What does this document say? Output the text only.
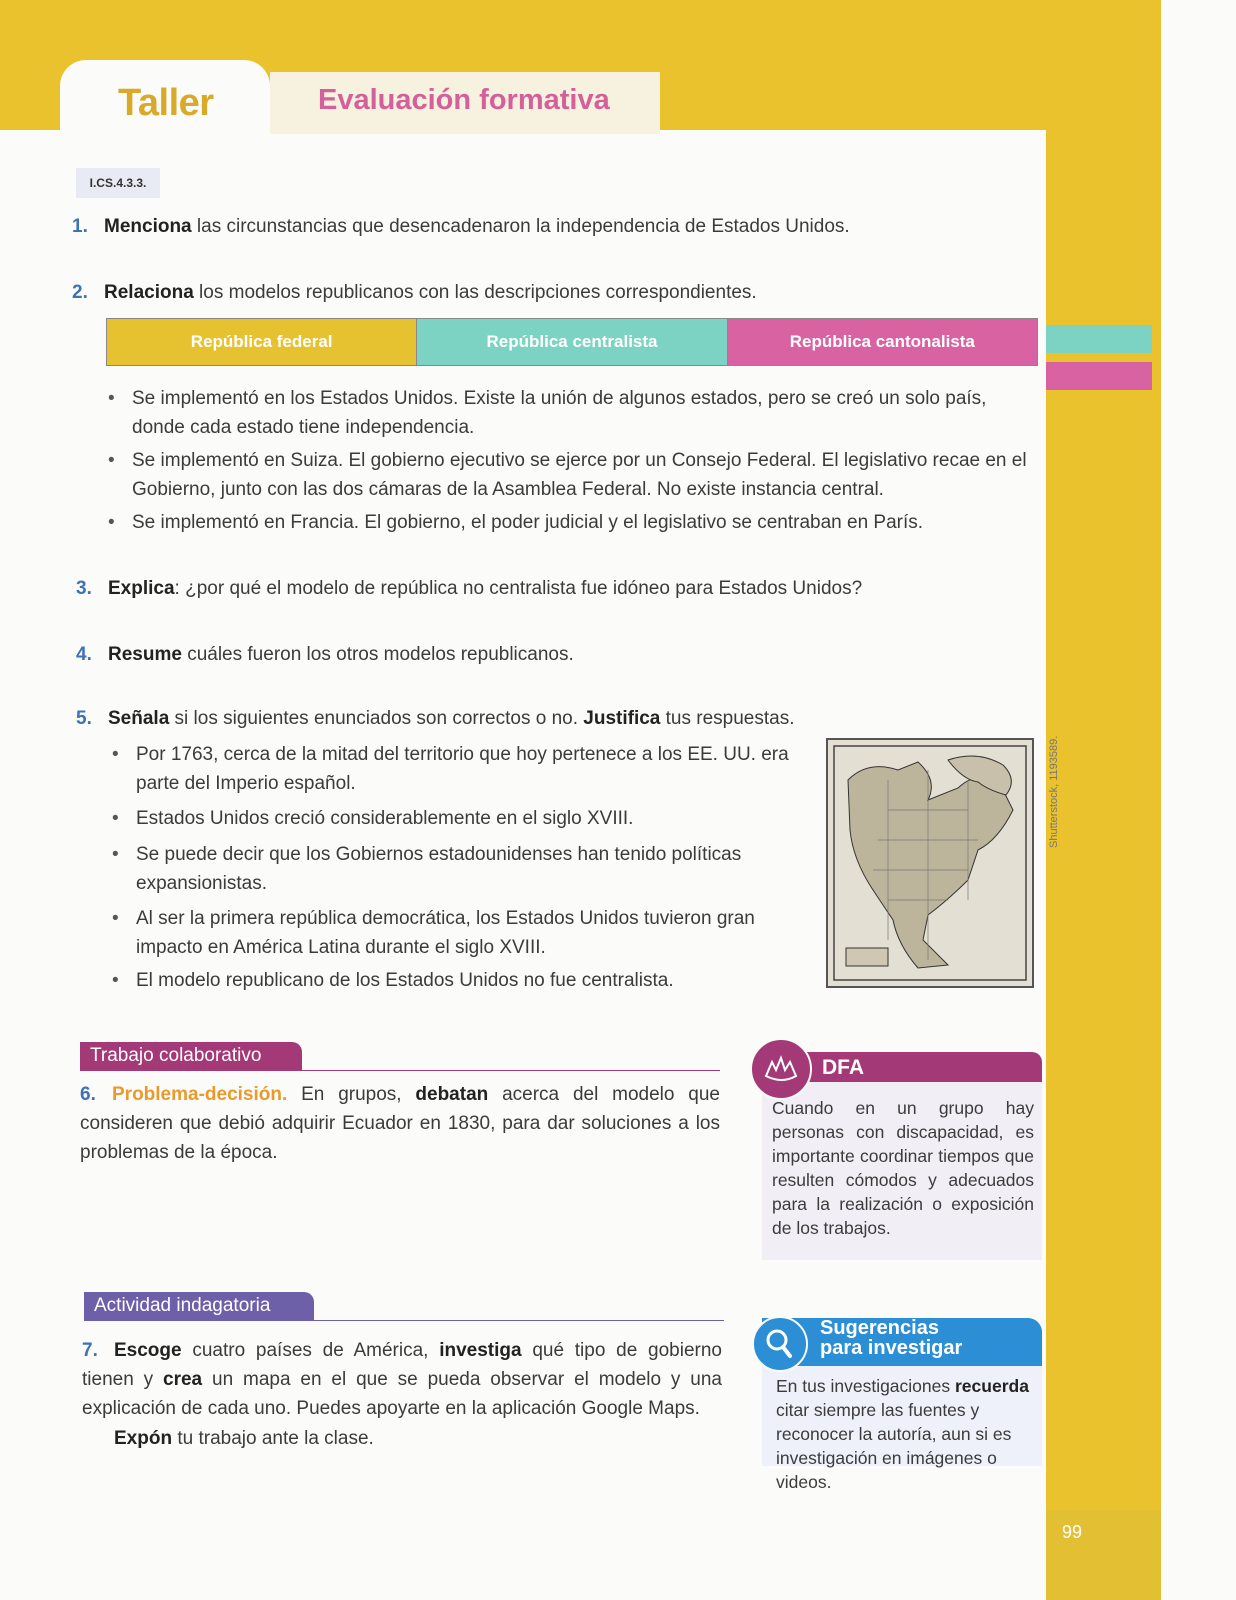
Taller	Evaluación formativa
I.CS.4.3.3.
1. Menciona las circunstancias que desencadenaron la independencia de Estados Unidos.
2. Relaciona los modelos republicanos con las descripciones correspondientes.
República federal	República centralista	República cantonalista
• Se implementó en los Estados Unidos. Existe la unión de algunos estados, pero se creó un solo país, donde cada estado tiene independencia.
• Se implementó en Suiza. El gobierno ejecutivo se ejerce por un Consejo Federal. El legislativo recae en el Gobierno, junto con las dos cámaras de la Asamblea Federal. No existe instancia central.
• Se implementó en Francia. El gobierno, el poder judicial y el legislativo se centraban en París.
3. Explica: ¿por qué el modelo de república no centralista fue idóneo para Estados Unidos?
4. Resume cuáles fueron los otros modelos republicanos.
5. Señala si los siguientes enunciados son correctos o no. Justifica tus respuestas.
• Por 1763, cerca de la mitad del territorio que hoy pertenece a los EE. UU. era parte del Imperio español.
• Estados Unidos creció considerablemente en el siglo XVIII.
• Se puede decir que los Gobiernos estadounidenses han tenido políticas expansionistas.
• Al ser la primera república democrática, los Estados Unidos tuvieron gran impacto en América Latina durante el siglo XVIII.
• El modelo republicano de los Estados Unidos no fue centralista.
Shutterstock, 1193589.
Trabajo colaborativo
6. Problema-decisión. En grupos, debatan acerca del modelo que consideren que debió adquirir Ecuador en 1830, para dar soluciones a los problemas de la época.
DFA
Cuando en un grupo hay personas con discapacidad, es importante coordinar tiempos que resulten cómodos y adecuados para la realización o exposición de los trabajos.
Actividad indagatoria
7. Escoge cuatro países de América, investiga qué tipo de gobierno tienen y crea un mapa en el que se pueda observar el modelo y una explicación de cada uno. Puedes apoyarte en la aplicación Google Maps.
Expón tu trabajo ante la clase.
Sugerencias
para investigar
En tus investigaciones recuerda citar siempre las fuentes y reconocer la autoría, aun si es investigación en imágenes o videos.
99
